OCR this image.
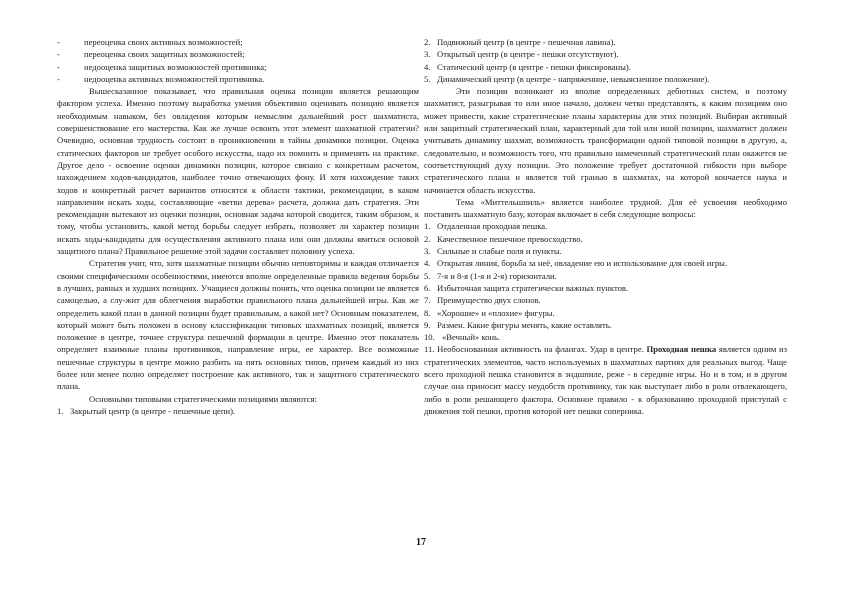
-	переоценка своих активных возможностей;
-	переоценка своих защитных возможностей;
-	недооценка защитных возможностей противника;
-	недооценка активных возможностей противника.

Вышесказанное показывает, что правильная оценка позиции является решающим фактором успеха. Именно поэтому выработка умения объективно оценивать позицию является необходимым навыком, без овладения которым немыслим дальнейший рост шахматиста, совершенствование его мастерства. Как же лучше освоить этот элемент шахматной стратегии? Очевидно, основная трудность состоит в проникновении в тайны динамики позиции. Оценка статических факторов не требует особого искусства, надо их помнить и применять на практике. Другое дело - освоение оценки динамики позиции, которое связано с конкретным расчетом, нахождением ходов-кандидатов, наиболее точно отвечающих фону. И хотя нахождение таких ходов и конкретный расчет вариантов относятся к области тактики, рекомендации, в каком направлении искать ходы, составляющие «ветви дерева» расчета, должна дать стратегия. Эти рекомендации вытекают из оценки позиции, основная задача которой сводится, таким образом, к тому, чтобы установить, какой метод борьбы следует избрать, позволяет ли характер позиции искать ходы-кандидаты для осуществления активного плана или они должны явиться основой защитного плана? Правильное решение этой задачи составляет половину успеха.

Стратегия учит, что, хотя шахматные позиции обычно неповторимы и каждая отличается своими специфическими особенностями, имеются вполне определенные правила ведения борьбы в лучших, равных и худших позициях. Учащиеся должны понять, что оценка позиции не является самоцелью, а слу-жит для облегчения выработки правильного плана дальнейшей игры. Как же определить какой план в данной позиции будет правильным, а какой нет? Основным показателем, который может быть положен в основу классификации типовых шахматных позиций, является положение в центре, точнее структура пешечной формации в центре. Именно этот показатель определяет взаимные планы противников, направление игры, ее характер. Все возможные пешечные структуры в центре можно разбить на пять основных типов, причем каждый из них более или менее полно определяет построение как активного, так и защитного стратегического плана.

Основными типовыми стратегическими позициями являются:

1. Закрытый центр (в центре - пешечные цепи).
2. Подвижный центр (в центре - пешечная лавина).
3. Открытый центр (в центре - пешки отсутствуют).
4. Статический центр (в центре - пешки фиксированы).
5. Динамический центр (в центре - напряженное, невыясненное положение).

Эти позиции возникают из вполне определенных дебютных систем, и поэтому шахматист, разыгрывая то или иное начало, должен четко представлять, к каким позициям оно может привести, какие стратегические планы характерны для этих позиций. Выбирая активный или защитный стратегический план, характерный для той или иной позиции, шахматист должен учитывать динамику шахмат, возможность трансформации одной типовой позиции в другую, а, следовательно, и возможность того, что правильно намеченный стратегический план окажется не соответствующий духу позиции. Это положение требует достаточной гибкости при выборе стратегического плана и является той гранью в шахматах, на которой кончается наука и начинается область искусства.

Тема «Миттельшпиль» является наиболее трудной. Для её усвоения необходимо поставить шахматную базу, которая включает в себя следующие вопросы:

1. Отдаленная проходная пешка.
2. Качественное пешечное превосходство.
3. Сильные и слабые поля и пункты.
4. Открытая линия, борьба за неё, овладение ею и использование для своей игры.
5. 7-я и 8-я (1-я и 2-я) горизонтали.
6. Избыточная защита стратегически важных пунктов.
7. Преимущество двух слонов.
8. «Хорошие» и «плохие» фигуры.
9. Размен. Какие фигуры менять, какие оставлять.
10. «Вечный» конь.

11. Необоснованная активность на флангах. Удар в центре. Проходная пешка является одним из стратегических элементов, часто используемых в шахматных партиях для реальных выгод. Чаще всего проходной пешка становится в эндшпиле, реже - в середине игры. Но и в том, и в другом случае она приносит массу неудобств противнику, так как выступает либо в роли отвлекающего, либо в роли решающего фактора. Основное правило - к образованию проходной приступай с движения той пешки, против которой нет пешки соперника.

17
